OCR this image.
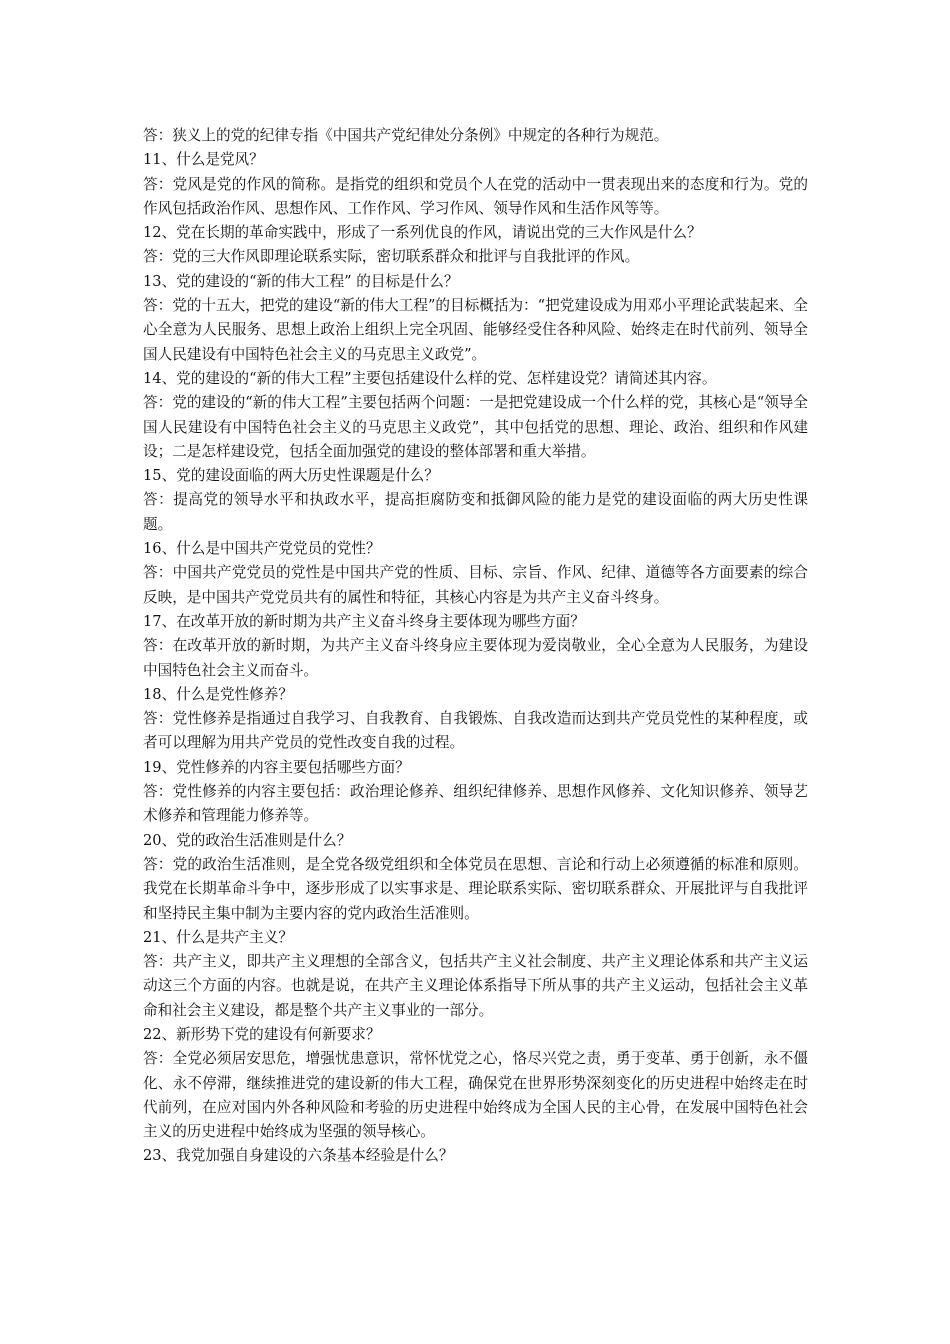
答：狭义上的党的纪律专指《中国共产党纪律处分条例》中规定的各种行为规范。

11、什么是党风？

答：党风是党的作风的简称。是指党的组织和党员个人在党的活动中一贯表现出来的态度和行为。党的作风包括政治作风、思想作风、工作作风、学习作风、领导作风和生活作风等等。

12、党在长期的革命实践中，形成了一系列优良的作风，请说出党的三大作风是什么？

答：党的三大作风即理论联系实际，密切联系群众和批评与自我批评的作风。

13、党的建设的“新的伟大工程” 的目标是什么？

答：党的十五大，把党的建设“新的伟大工程”的目标概括为：“把党建设成为用邓小平理论武装起来、全心全意为人民服务、思想上政治上组织上完全巩固、能够经受住各种风险、始终走在时代前列、领导全国人民建设有中国特色社会主义的马克思主义政党”。

14、党的建设的“新的伟大工程”主要包括建设什么样的党、怎样建设党？请简述其内容。

答：党的建设的“新的伟大工程”主要包括两个问题：一是把党建设成一个什么样的党，其核心是“领导全国人民建设有中国特色社会主义的马克思主义政党”，其中包括党的思想、理论、政治、组织和作风建设；二是怎样建设党，包括全面加强党的建设的整体部署和重大举措。

15、党的建设面临的两大历史性课题是什么？

答：提高党的领导水平和执政水平，提高拒腐防变和抵御风险的能力是党的建设面临的两大历史性课题。

16、什么是中国共产党党员的党性？

答：中国共产党党员的党性是中国共产党的性质、目标、宗旨、作风、纪律、道德等各方面要素的综合反映，是中国共产党党员共有的属性和特征，其核心内容是为共产主义奋斗终身。

17、在改革开放的新时期为共产主义奋斗终身主要体现为哪些方面？

答：在改革开放的新时期，为共产主义奋斗终身应主要体现为爱岗敬业，全心全意为人民服务，为建设中国特色社会主义而奋斗。

18、什么是党性修养？

答：党性修养是指通过自我学习、自我教育、自我锻炼、自我改造而达到共产党员党性的某种程度，或者可以理解为用共产党员的党性改变自我的过程。

19、党性修养的内容主要包括哪些方面？

答：党性修养的内容主要包括：政治理论修养、组织纪律修养、思想作风修养、文化知识修养、领导艺术修养和管理能力修养等。

20、党的政治生活准则是什么？

答：党的政治生活准则，是全党各级党组织和全体党员在思想、言论和行动上必须遵循的标准和原则。我党在长期革命斗争中，逐步形成了以实事求是、理论联系实际、密切联系群众、开展批评与自我批评和坚持民主集中制为主要内容的党内政治生活准则。

21、什么是共产主义？

答：共产主义，即共产主义理想的全部含义，包括共产主义社会制度、共产主义理论体系和共产主义运动这三个方面的内容。也就是说，在共产主义理论体系指导下所从事的共产主义运动，包括社会主义革命和社会主义建设，都是整个共产主义事业的一部分。

22、新形势下党的建设有何新要求？

答：全党必须居安思危，增强忧患意识，常怀忧党之心，恪尽兴党之责，勇于变革、勇于创新，永不僵化、永不停滞，继续推进党的建设新的伟大工程，确保党在世界形势深刻变化的历史进程中始终走在时代前列，在应对国内外各种风险和考验的历史进程中始终成为全国人民的主心骨，在发展中国特色社会主义的历史进程中始终成为坚强的领导核心。

23、我党加强自身建设的六条基本经验是什么？
